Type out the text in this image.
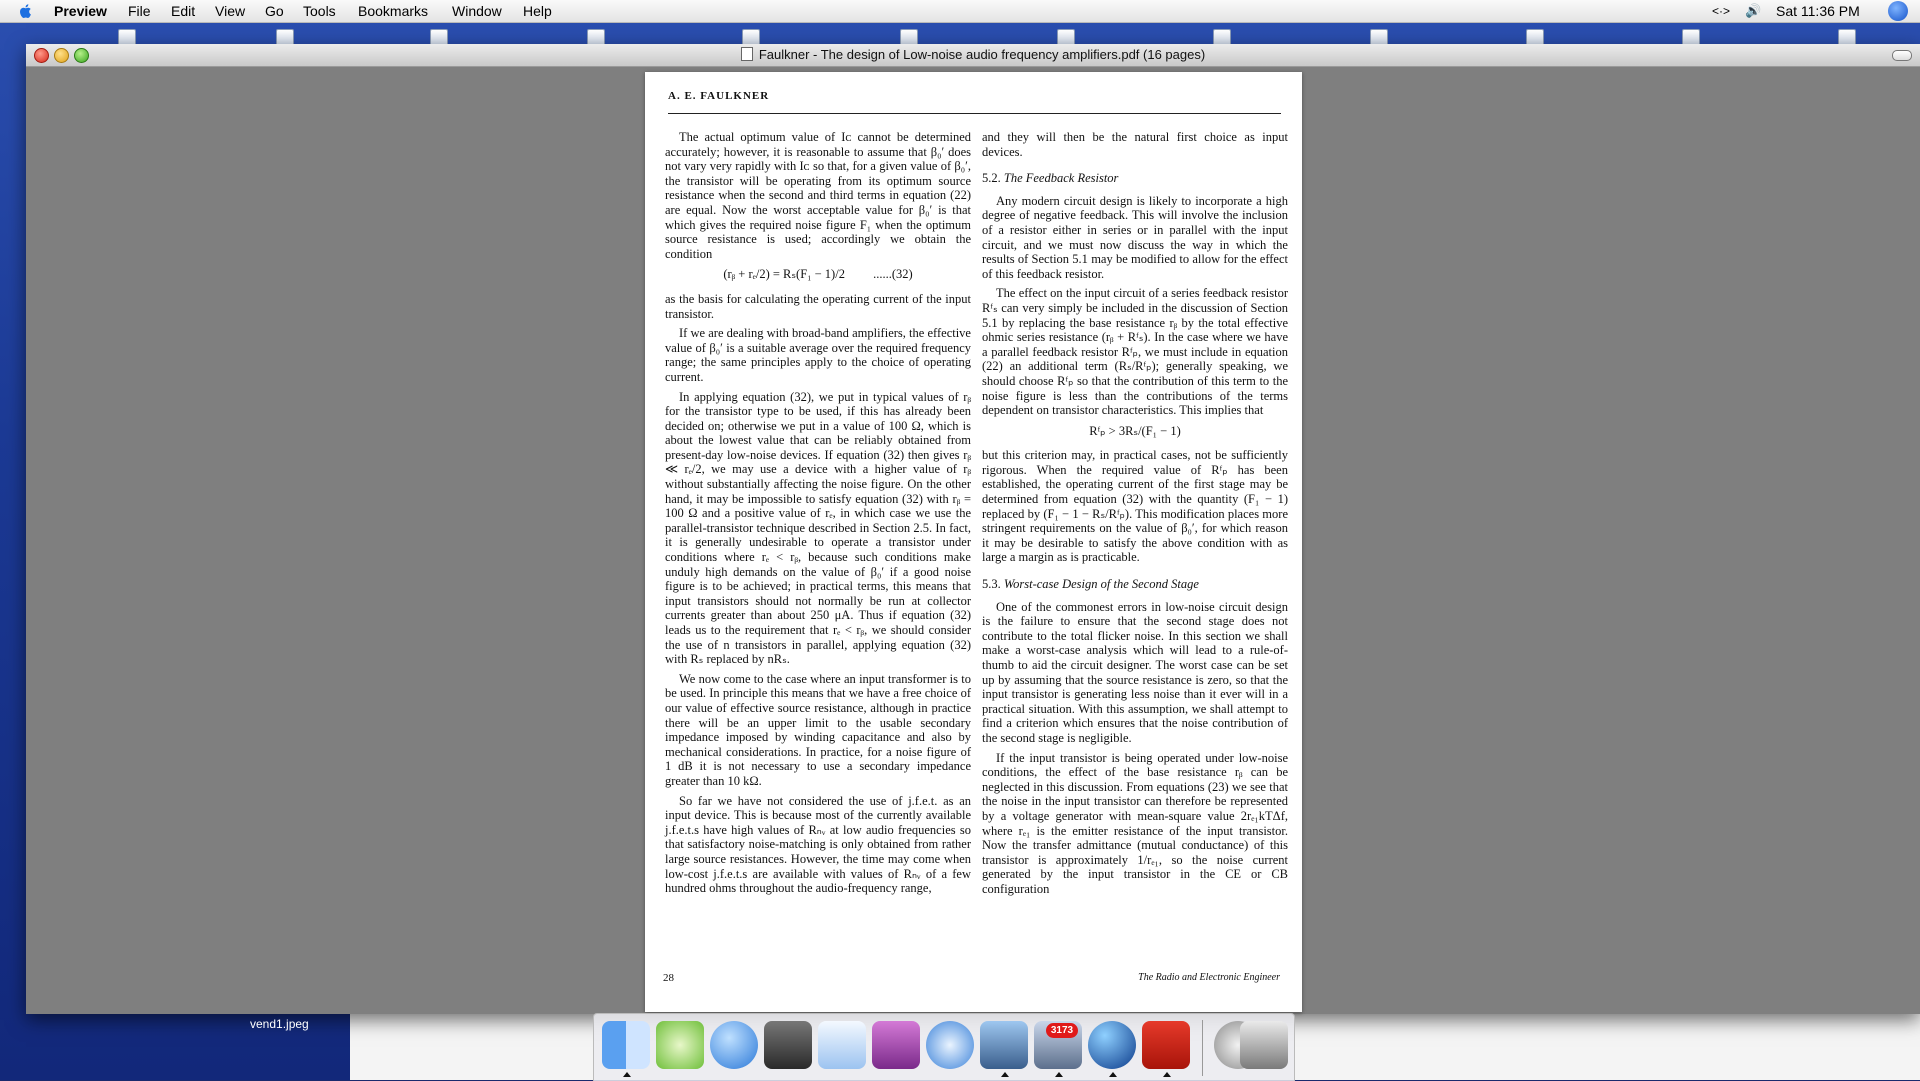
Preview File Edit View Go Tools Bookmarks Window Help	<·> 🔊 Sat 11:36 PM
Faulkner - The design of Low-noise audio frequency amplifiers.pdf (16 pages)
A. E. FAULKNER

The actual optimum value of Iᴄ cannot be determined accurately; however, it is reasonable to assume that β₀′ does not vary very rapidly with Iᴄ so that, for a given value of β₀′, the transistor will be operating from its optimum source resistance when the second and third terms in equation (22) are equal. Now the worst acceptable value for β₀′ is that which gives the required noise figure F₁ when the optimum source resistance is used; accordingly we obtain the condition

(rᵦ + rₑ/2) = Rₛ(F₁ − 1)/2 ......(32)

as the basis for calculating the operating current of the input transistor.

If we are dealing with broad-band amplifiers, the effective value of β₀′ is a suitable average over the required frequency range; the same principles apply to the choice of operating current.

In applying equation (32), we put in typical values of rᵦ for the transistor type to be used, if this has already been decided on; otherwise we put in a value of 100 Ω, which is about the lowest value that can be reliably obtained from present-day low-noise devices. If equation (32) then gives rᵦ ≪ rₑ/2, we may use a device with a higher value of rᵦ without substantially affecting the noise figure. On the other hand, it may be impossible to satisfy equation (32) with rᵦ = 100 Ω and a positive value of rₑ, in which case we use the parallel-transistor technique described in Section 2.5. In fact, it is generally undesirable to operate a transistor under conditions where rₑ < rᵦ, because such conditions make unduly high demands on the value of β₀′ if a good noise figure is to be achieved; in practical terms, this means that input transistors should not normally be run at collector currents greater than about 250 μA. Thus if equation (32) leads us to the requirement that rₑ < rᵦ, we should consider the use of n transistors in parallel, applying equation (32) with Rₛ replaced by nRₛ.

We now come to the case where an input transformer is to be used. In principle this means that we have a free choice of our value of effective source resistance, although in practice there will be an upper limit to the usable secondary impedance imposed by winding capacitance and also by mechanical considerations. In practice, for a noise figure of 1 dB it is not necessary to use a secondary impedance greater than 10 kΩ.

So far we have not considered the use of j.f.e.t. as an input device. This is because most of the currently available j.f.e.t.s have high values of Rₙᵥ at low audio frequencies so that satisfactory noise-matching is only obtained from rather large source resistances. However, the time may come when low-cost j.f.e.t.s are available with values of Rₙᵥ of a few hundred ohms throughout the audio-frequency range,

and they will then be the natural first choice as input devices.

5.2. The Feedback Resistor

Any modern circuit design is likely to incorporate a high degree of negative feedback. This will involve the inclusion of a resistor either in series or in parallel with the input circuit, and we must now discuss the way in which the results of Section 5.1 may be modified to allow for the effect of this feedback resistor.

The effect on the input circuit of a series feedback resistor Rᶠₛ can very simply be included in the discussion of Section 5.1 by replacing the base resistance rᵦ by the total effective ohmic series resistance (rᵦ + Rᶠₛ). In the case where we have a parallel feedback resistor Rᶠₚ, we must include in equation (22) an additional term (Rₛ/Rᶠₚ); generally speaking, we should choose Rᶠₚ so that the contribution of this term to the noise figure is less than the contributions of the terms dependent on transistor characteristics. This implies that

Rᶠₚ > 3Rₛ/(F₁ − 1)

but this criterion may, in practical cases, not be sufficiently rigorous. When the required value of Rᶠₚ has been established, the operating current of the first stage may be determined from equation (32) with the quantity (F₁ − 1) replaced by (F₁ − 1 − Rₛ/Rᶠₚ). This modification places more stringent requirements on the value of β₀′, for which reason it may be desirable to satisfy the above condition with as large a margin as is practicable.

5.3. Worst-case Design of the Second Stage

One of the commonest errors in low-noise circuit design is the failure to ensure that the second stage does not contribute to the total flicker noise. In this section we shall make a worst-case analysis which will lead to a rule-of-thumb to aid the circuit designer. The worst case can be set up by assuming that the source resistance is zero, so that the input transistor is generating less noise than it ever will in a practical situation. With this assumption, we shall attempt to find a criterion which ensures that the noise contribution of the second stage is negligible.

If the input transistor is being operated under low-noise conditions, the effect of the base resistance rᵦ can be neglected in this discussion. From equations (23) we see that the noise in the input transistor can therefore be represented by a voltage generator with mean-square value 2rₑ₁kTΔf, where rₑ₁ is the emitter resistance of the input transistor. Now the transfer admittance (mutual conductance) of this transistor is approximately 1/rₑ₁, so the noise current generated by the input transistor in the CE or CB configuration

28	The Radio and Electronic Engineer
vend1.jpeg	3173
